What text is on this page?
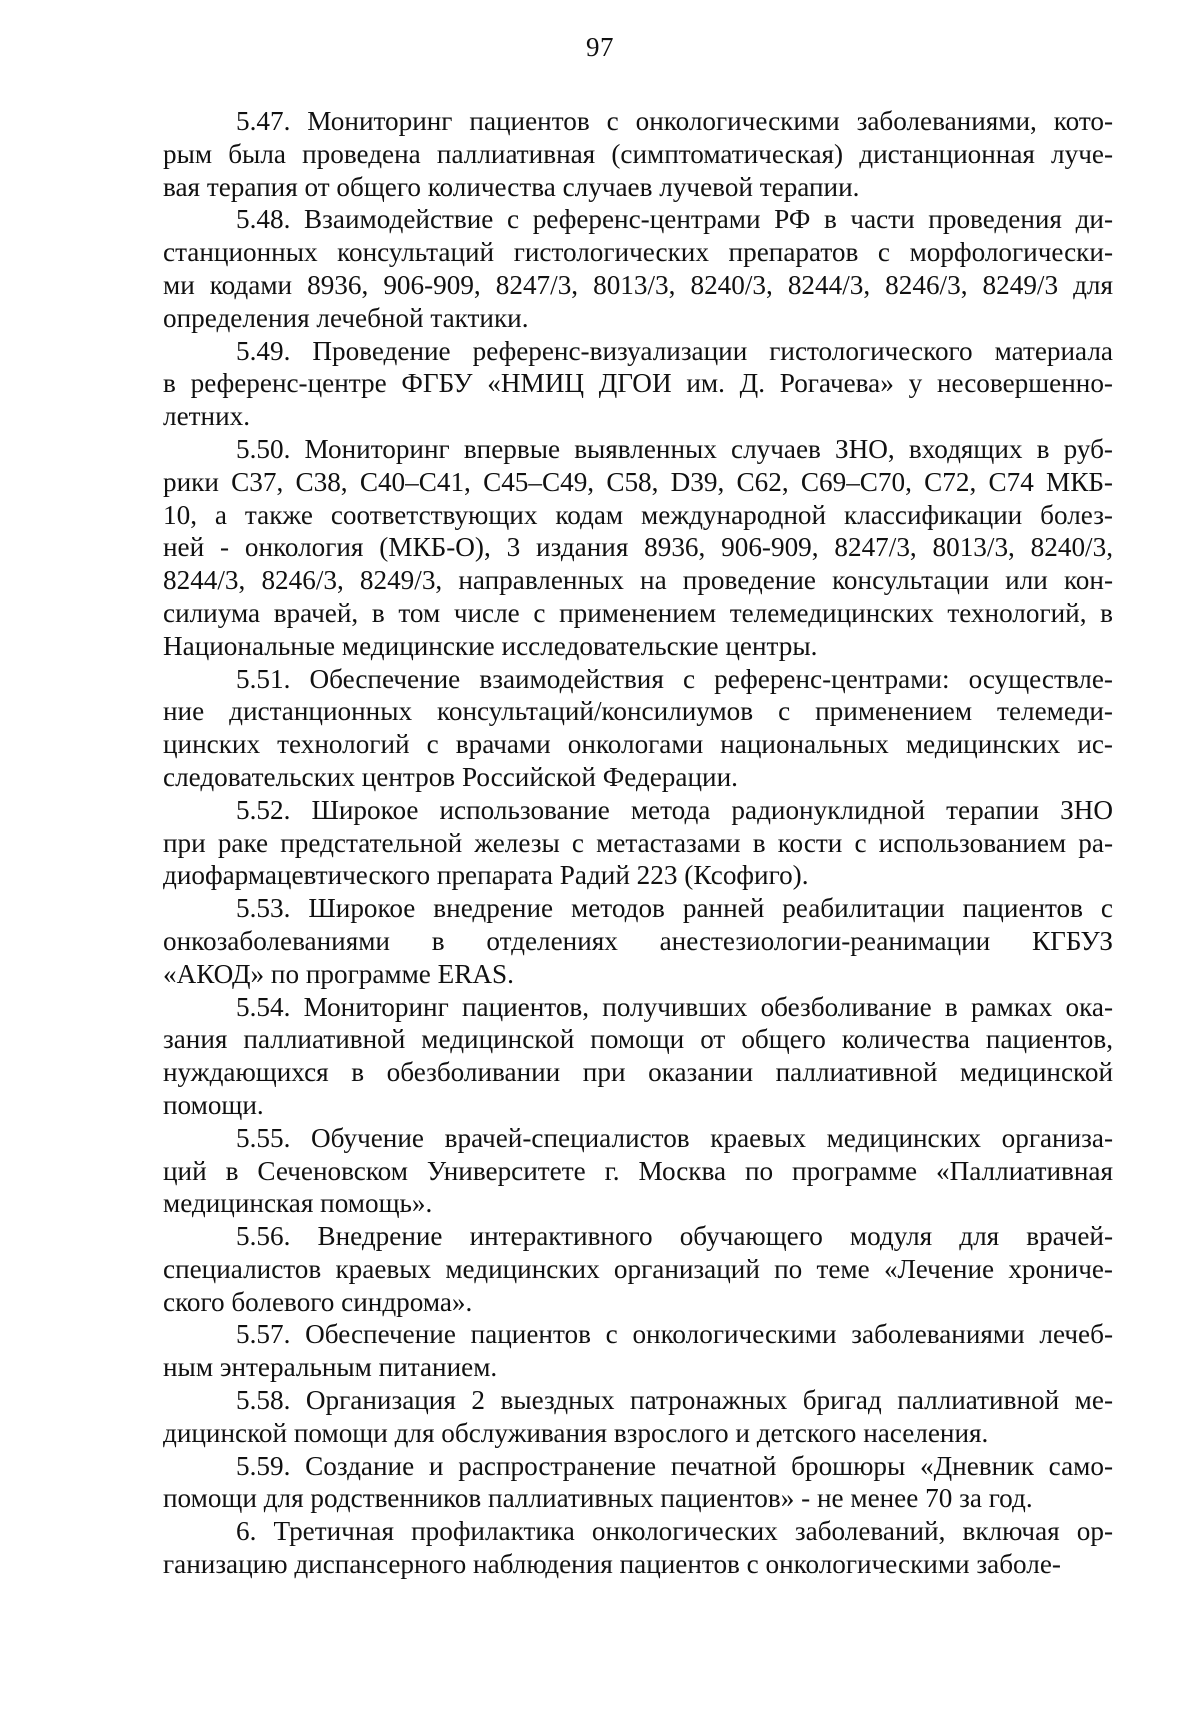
97
5.47. Мониторинг пациентов с онкологическими заболеваниями, кото-
рым была проведена паллиативная (симптоматическая) дистанционная луче-
вая терапия от общего количества случаев лучевой терапии.
5.48. Взаимодействие с референс-центрами РФ в части проведения ди-
станционных консультаций гистологических препаратов с морфологически-
ми кодами 8936, 906-909, 8247/3, 8013/3, 8240/3, 8244/3, 8246/3, 8249/3 для
определения лечебной тактики.
5.49. Проведение референс-визуализации гистологического материала
в референс-центре ФГБУ «НМИЦ ДГОИ им. Д. Рогачева» у несовершенно-
летних.
5.50. Мониторинг впервые выявленных случаев ЗНО, входящих в руб-
рики C37, C38, C40–C41, C45–C49, C58, D39, C62, C69–C70, C72, C74 МКБ-
10, а также соответствующих кодам международной классификации болез-
ней - онкология (МКБ-О), 3 издания 8936, 906-909, 8247/3, 8013/3, 8240/3,
8244/3, 8246/3, 8249/3, направленных на проведение консультации или кон-
силиума врачей, в том числе с применением телемедицинских технологий, в
Национальные медицинские исследовательские центры.
5.51. Обеспечение взаимодействия с референс-центрами: осуществле-
ние дистанционных консультаций/консилиумов с применением телемеди-
цинских технологий с врачами онкологами национальных медицинских ис-
следовательских центров Российской Федерации.
5.52. Широкое использование метода радионуклидной терапии ЗНО
при раке предстательной железы с метастазами в кости с использованием ра-
диофармацевтического препарата Радий 223 (Ксофиго).
5.53. Широкое внедрение методов ранней реабилитации пациентов с
онкозаболеваниями в отделениях анестезиологии-реанимации КГБУЗ
«АКОД» по программе ERAS.
5.54. Мониторинг пациентов, получивших обезболивание в рамках ока-
зания паллиативной медицинской помощи от общего количества пациентов,
нуждающихся в обезболивании при оказании паллиативной медицинской
помощи.
5.55. Обучение врачей-специалистов краевых медицинских организа-
ций в Сеченовском Университете г. Москва по программе «Паллиативная
медицинская помощь».
5.56. Внедрение интерактивного обучающего модуля для врачей-
специалистов краевых медицинских организаций по теме «Лечение хрониче-
ского болевого синдрома».
5.57. Обеспечение пациентов с онкологическими заболеваниями лечеб-
ным энтеральным питанием.
5.58. Организация 2 выездных патронажных бригад паллиативной ме-
дицинской помощи для обслуживания взрослого и детского населения.
5.59. Создание и распространение печатной брошюры «Дневник само-
помощи для родственников паллиативных пациентов» - не менее 70 за год.
6. Третичная профилактика онкологических заболеваний, включая ор-
ганизацию диспансерного наблюдения пациентов с онкологическими заболе-
